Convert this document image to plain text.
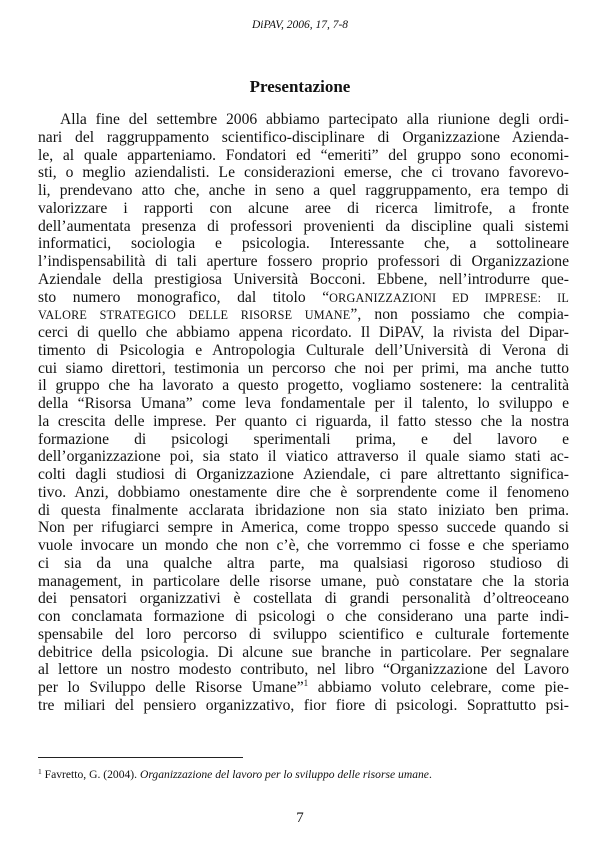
DiPAV, 2006, 17, 7-8
Presentazione
Alla fine del settembre 2006 abbiamo partecipato alla riunione degli ordi-
nari del raggruppamento scientifico-disciplinare di Organizzazione Azienda-
le, al quale apparteniamo. Fondatori ed “emeriti” del gruppo sono economi-
sti, o meglio aziendalisti. Le considerazioni emerse, che ci trovano favorevo-
li, prendevano atto che, anche in seno a quel raggruppamento, era tempo di
valorizzare i rapporti con alcune aree di ricerca limitrofe, a fronte
dell’aumentata presenza di professori provenienti da discipline quali sistemi
informatici, sociologia e psicologia. Interessante che, a sottolineare
l’indispensabilità di tali aperture fossero proprio professori di Organizzazione
Aziendale della prestigiosa Università Bocconi. Ebbene, nell’introdurre que-
sto numero monografico, dal titolo “ORGANIZZAZIONI ED IMPRESE: IL
VALORE STRATEGICO DELLE RISORSE UMANE”, non possiamo che compia-
cerci di quello che abbiamo appena ricordato. Il DiPAV, la rivista del Dipar-
timento di Psicologia e Antropologia Culturale dell’Università di Verona di
cui siamo direttori, testimonia un percorso che noi per primi, ma anche tutto
il gruppo che ha lavorato a questo progetto, vogliamo sostenere: la centralità
della “Risorsa Umana” come leva fondamentale per il talento, lo sviluppo e
la crescita delle imprese. Per quanto ci riguarda, il fatto stesso che la nostra
formazione di psicologi sperimentali prima, e del lavoro e
dell’organizzazione poi, sia stato il viatico attraverso il quale siamo stati ac-
colti dagli studiosi di Organizzazione Aziendale, ci pare altrettanto significa-
tivo. Anzi, dobbiamo onestamente dire che è sorprendente come il fenomeno
di questa finalmente acclarata ibridazione non sia stato iniziato ben prima.
Non per rifugiarci sempre in America, come troppo spesso succede quando si
vuole invocare un mondo che non c’è, che vorremmo ci fosse e che speriamo
ci sia da una qualche altra parte, ma qualsiasi rigoroso studioso di
management, in particolare delle risorse umane, può constatare che la storia
dei pensatori organizzativi è costellata di grandi personalità d’oltreoceano
con conclamata formazione di psicologi o che considerano una parte indi-
spensabile del loro percorso di sviluppo scientifico e culturale fortemente
debitrice della psicologia. Di alcune sue branche in particolare. Per segnalare
al lettore un nostro modesto contributo, nel libro “Organizzazione del Lavoro
per lo Sviluppo delle Risorse Umane”$^1$ abbiamo voluto celebrare, come pie-
tre miliari del pensiero organizzativo, fior fiore di psicologi. Soprattutto psi-
$^1$ Favretto, G. (2004). Organizzazione del lavoro per lo sviluppo delle risorse umane.
7
